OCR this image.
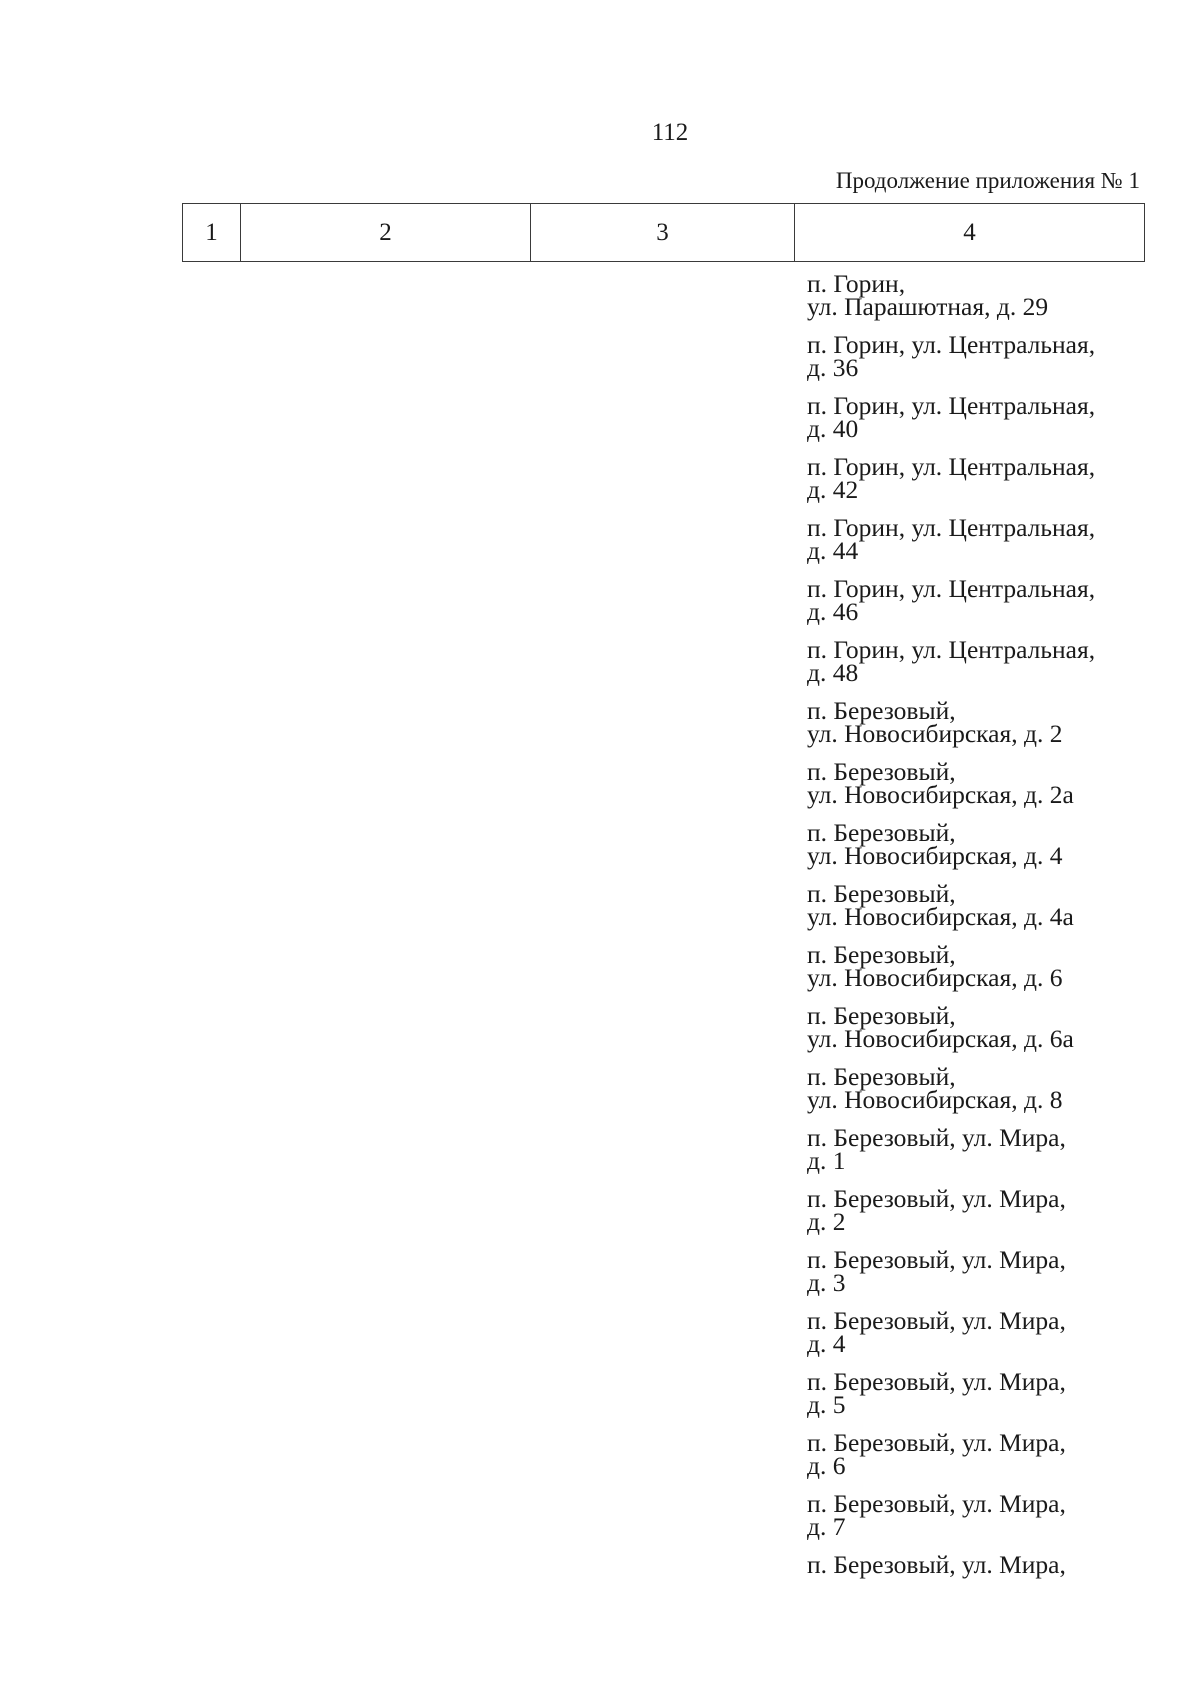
112
Продолжение приложения № 1
1	2	3	4
п. Горин,
ул. Парашютная, д. 29
п. Горин, ул. Центральная,
д. 36
п. Горин, ул. Центральная,
д. 40
п. Горин, ул. Центральная,
д. 42
п. Горин, ул. Центральная,
д. 44
п. Горин, ул. Центральная,
д. 46
п. Горин, ул. Центральная,
д. 48
п. Березовый,
ул. Новосибирская, д. 2
п. Березовый,
ул. Новосибирская, д. 2а
п. Березовый,
ул. Новосибирская, д. 4
п. Березовый,
ул. Новосибирская, д. 4а
п. Березовый,
ул. Новосибирская, д. 6
п. Березовый,
ул. Новосибирская, д. 6а
п. Березовый,
ул. Новосибирская, д. 8
п. Березовый, ул. Мира,
д. 1
п. Березовый, ул. Мира,
д. 2
п. Березовый, ул. Мира,
д. 3
п. Березовый, ул. Мира,
д. 4
п. Березовый, ул. Мира,
д. 5
п. Березовый, ул. Мира,
д. 6
п. Березовый, ул. Мира,
д. 7
п. Березовый, ул. Мира,
